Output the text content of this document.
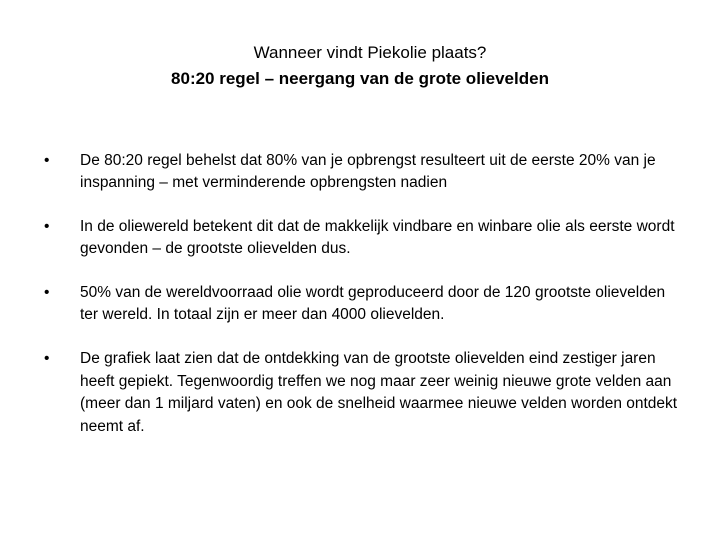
Wanneer vindt Piekolie plaats?
80:20 regel – neergang van de grote olievelden
•	De 80:20 regel behelst dat 80% van je opbrengst resulteert uit de eerste 20% van je inspanning – met verminderende opbrengsten nadien
•	In de oliewereld betekent dit dat de makkelijk vindbare en winbare olie als eerste wordt gevonden – de grootste olievelden dus.
•	50% van de wereldvoorraad olie wordt geproduceerd door de 120 grootste olievelden ter wereld. In totaal zijn er meer dan 4000 olievelden.
•	De grafiek laat zien dat de ontdekking van de grootste olievelden eind zestiger jaren heeft gepiekt. Tegenwoordig treffen we nog maar zeer weinig nieuwe grote velden aan (meer dan 1 miljard vaten) en ook de snelheid waarmee nieuwe velden worden ontdekt neemt af.
